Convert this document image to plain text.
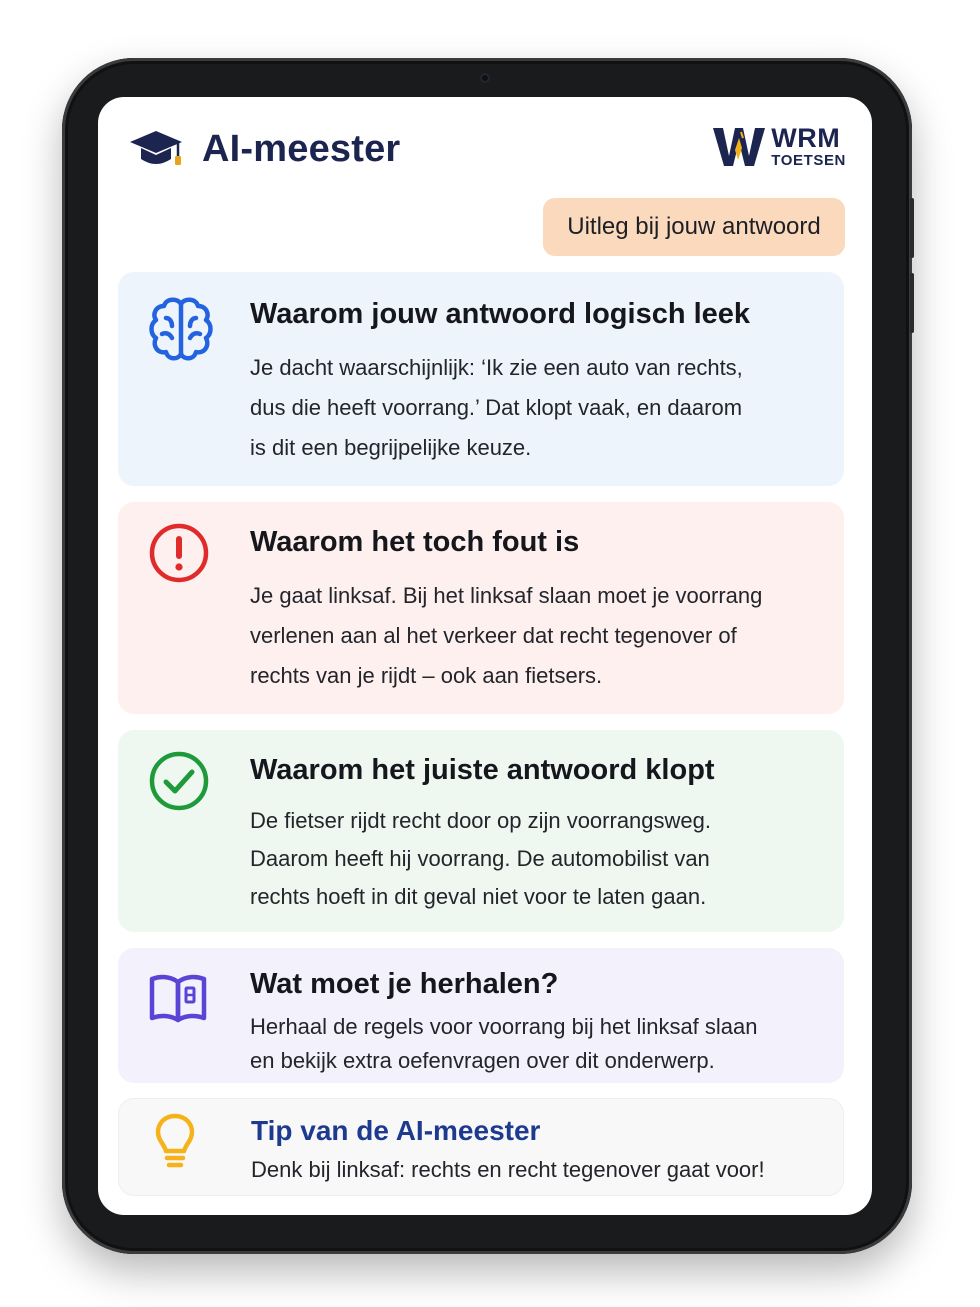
AI-meester	WRM
TOETSEN
Uitleg bij jouw antwoord
Waarom jouw antwoord logisch leek
Je dacht waarschijnlijk: ‘Ik zie een auto van rechts,
dus die heeft voorrang.’ Dat klopt vaak, en daarom
is dit een begrijpelijke keuze.
Waarom het toch fout is
Je gaat linksaf. Bij het linksaf slaan moet je voorrang
verlenen aan al het verkeer dat recht tegenover of
rechts van je rijdt – ook aan fietsers.
Waarom het juiste antwoord klopt
De fietser rijdt recht door op zijn voorrangsweg.
Daarom heeft hij voorrang. De automobilist van
rechts hoeft in dit geval niet voor te laten gaan.
Wat moet je herhalen?
Herhaal de regels voor voorrang bij het linksaf slaan
en bekijk extra oefenvragen over dit onderwerp.
Tip van de AI-meester
Denk bij linksaf: rechts en recht tegenover gaat voor!
